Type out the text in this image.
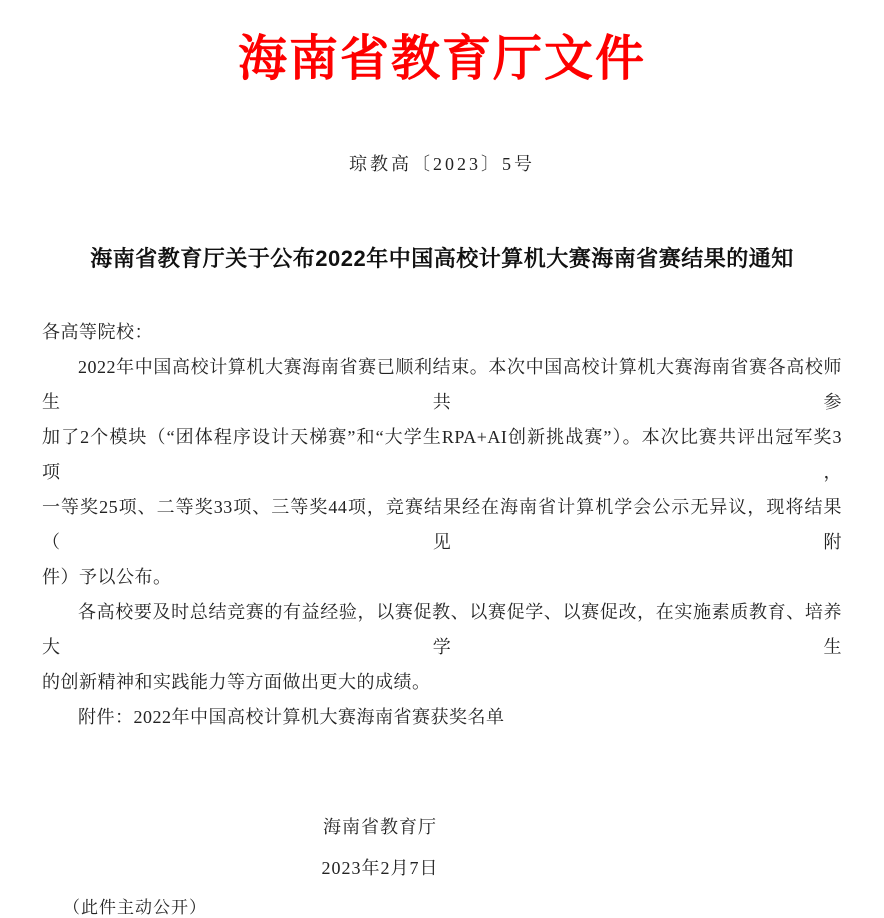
海南省教育厅文件
琼教高〔2023〕5号
海南省教育厅关于公布2022年中国高校计算机大赛海南省赛结果的通知
各高等院校：
2022年中国高校计算机大赛海南省赛已顺利结束。本次中国高校计算机大赛海南省赛各高校师生共参
加了2个模块（“团体程序设计天梯赛”和“大学生RPA+AI创新挑战赛”）。本次比赛共评出冠军奖3项，
一等奖25项、二等奖33项、三等奖44项，竞赛结果经在海南省计算机学会公示无异议，现将结果（见附
件）予以公布。
各高校要及时总结竞赛的有益经验，以赛促教、以赛促学、以赛促改，在实施素质教育、培养大学生
的创新精神和实践能力等方面做出更大的成绩。
附件：2022年中国高校计算机大赛海南省赛获奖名单
海南省教育厅
2023年2月7日
（此件主动公开）
